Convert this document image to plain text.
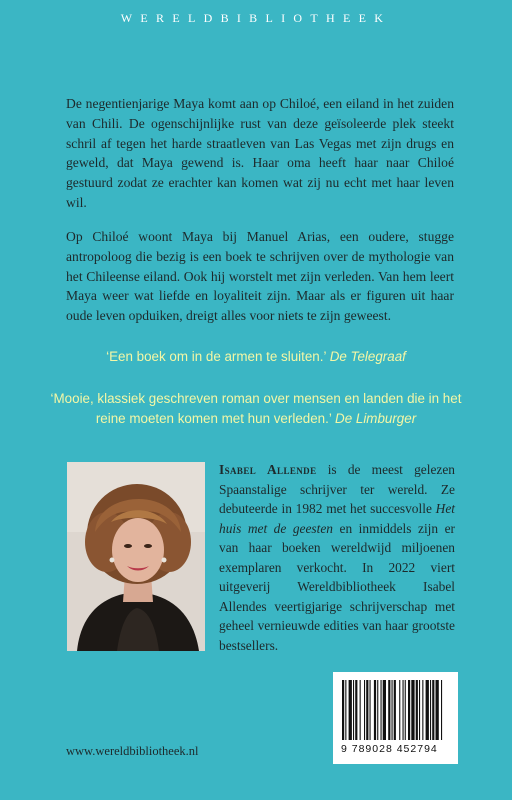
WERELDBIBLIOTHEEK

De negentienjarige Maya komt aan op Chiloé, een eiland in het zuiden van Chili. De ogenschijnlijke rust van deze geïsoleerde plek steekt schril af tegen het harde straatleven van Las Vegas met zijn drugs en geweld, dat Maya gewend is. Haar oma heeft haar naar Chiloé gestuurd zodat ze erachter kan komen wat zij nu echt met haar leven wil.

Op Chiloé woont Maya bij Manuel Arias, een oudere, stugge antropoloog die bezig is een boek te schrijven over de mythologie van het Chileense eiland. Ook hij worstelt met zijn verleden. Van hem leert Maya weer wat liefde en loyaliteit zijn. Maar als er figuren uit haar oude leven opduiken, dreigt alles voor niets te zijn geweest.

‘Een boek om in de armen te sluiten.’ De Telegraaf

‘Mooie, klassiek geschreven roman over mensen en landen die in het reine moeten komen met hun verleden.’ De Limburger

Isabel Allende is de meest gelezen Spaanstalige schrijver ter wereld. Ze debuteerde in 1982 met het succesvolle Het huis met de geesten en inmiddels zijn er van haar boeken wereldwijd miljoenen exemplaren verkocht. In 2022 viert uitgeverij Wereldbibliotheek Isabel Allendes veertigjarige schrijverschap met geheel vernieuwde edities van haar grootste bestsellers.

9 789028 452794
www.wereldbibliotheek.nl
